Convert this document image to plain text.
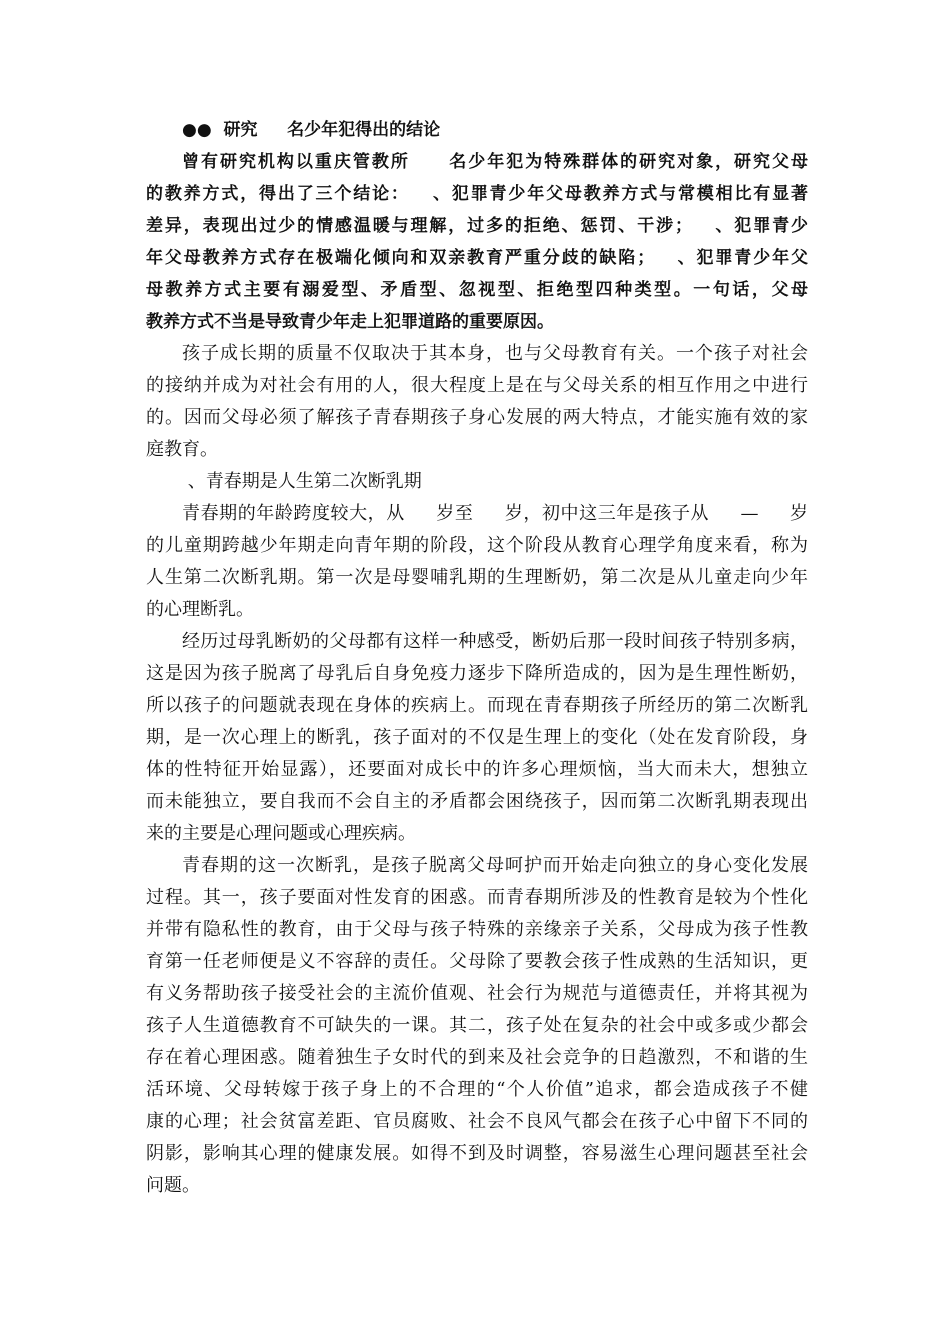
●●  研究     名少年犯得出的结论
曾有研究机构以重庆管教所     名少年犯为特殊群体的研究对象，研究父母
的教养方式，得出了三个结论：   、犯罪青少年父母教养方式与常模相比有显著
差异，表现出过少的情感温暖与理解，过多的拒绝、惩罚、干涉；   、犯罪青少
年父母教养方式存在极端化倾向和双亲教育严重分歧的缺陷；   、犯罪青少年父
母教养方式主要有溺爱型、矛盾型、忽视型、拒绝型四种类型。一句话，父母
教养方式不当是导致青少年走上犯罪道路的重要原因。
孩子成长期的质量不仅取决于其本身，也与父母教育有关。一个孩子对社会
的接纳并成为对社会有用的人，很大程度上是在与父母关系的相互作用之中进行
的。因而父母必须了解孩子青春期孩子身心发展的两大特点，才能实施有效的家
庭教育。
、青春期是人生第二次断乳期
青春期的年龄跨度较大，从     岁至     岁，初中这三年是孩子从     —     岁
的儿童期跨越少年期走向青年期的阶段，这个阶段从教育心理学角度来看，称为
人生第二次断乳期。第一次是母婴哺乳期的生理断奶，第二次是从儿童走向少年
的心理断乳。
经历过母乳断奶的父母都有这样一种感受，断奶后那一段时间孩子特别多病，
这是因为孩子脱离了母乳后自身免疫力逐步下降所造成的，因为是生理性断奶，
所以孩子的问题就表现在身体的疾病上。而现在青春期孩子所经历的第二次断乳
期，是一次心理上的断乳，孩子面对的不仅是生理上的变化（处在发育阶段，身
体的性特征开始显露），还要面对成长中的许多心理烦恼，当大而未大，想独立
而未能独立，要自我而不会自主的矛盾都会困绕孩子，因而第二次断乳期表现出
来的主要是心理问题或心理疾病。
青春期的这一次断乳，是孩子脱离父母呵护而开始走向独立的身心变化发展
过程。其一，孩子要面对性发育的困惑。而青春期所涉及的性教育是较为个性化
并带有隐私性的教育，由于父母与孩子特殊的亲缘亲子关系，父母成为孩子性教
育第一任老师便是义不容辞的责任。父母除了要教会孩子性成熟的生活知识，更
有义务帮助孩子接受社会的主流价值观、社会行为规范与道德责任，并将其视为
孩子人生道德教育不可缺失的一课。其二，孩子处在复杂的社会中或多或少都会
存在着心理困惑。随着独生子女时代的到来及社会竞争的日趋激烈，不和谐的生
活环境、父母转嫁于孩子身上的不合理的“个人价值”追求，都会造成孩子不健
康的心理；社会贫富差距、官员腐败、社会不良风气都会在孩子心中留下不同的
阴影，影响其心理的健康发展。如得不到及时调整，容易滋生心理问题甚至社会
问题。
